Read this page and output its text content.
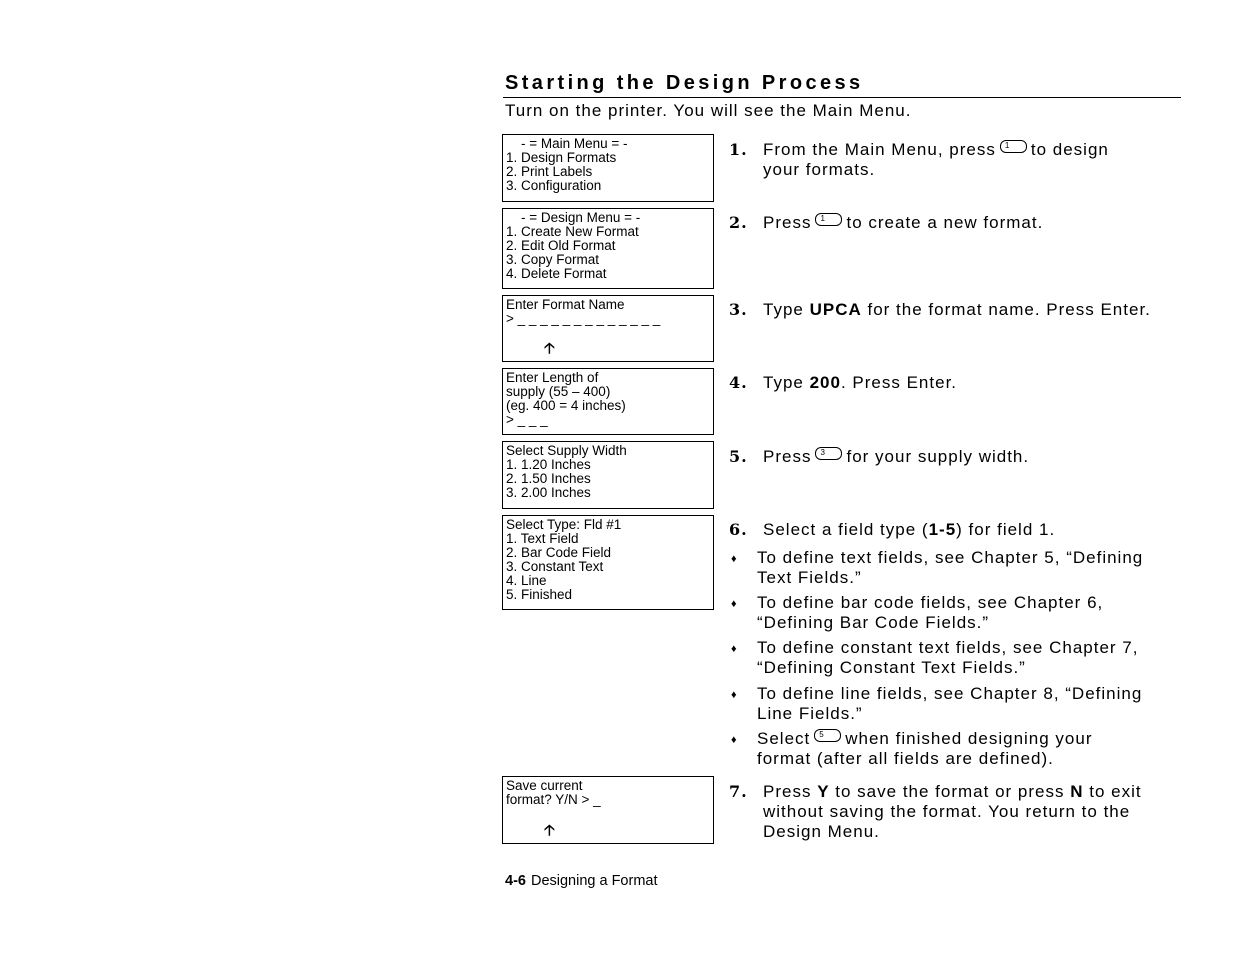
Starting the Design Process
Turn on the printer. You will see the Main Menu.
- = Main Menu = -
1. Design Formats
2. Print Labels
3. Configuration
- = Design Menu = -
1. Create New Format
2. Edit Old Format
3. Copy Format
4. Delete Format
Enter Format Name
> _ _ _ _ _ _ _ _ _ _ _ _ _
🡡
Enter Length of
supply (55 – 400)
(eg. 400 = 4 inches)
> _ _ _
Select Supply Width
1. 1.20 Inches
2. 1.50 Inches
3. 2.00 Inches
Select Type: Fld #1
1. Text Field
2. Bar Code Field
3. Constant Text
4. Line
5. Finished
Save current
format? Y/N > _
🡡
1. From the Main Menu, press 1 to design
your formats.
2. Press 1 to create a new format.
3. Type UPCA for the format name. Press Enter.
4. Type 200. Press Enter.
5. Press 3 for your supply width.
6. Select a field type (1-5) for field 1.
♦ To define text fields, see Chapter 5, “Defining
Text Fields.”
♦ To define bar code fields, see Chapter 6,
“Defining Bar Code Fields.”
♦ To define constant text fields, see Chapter 7,
“Defining Constant Text Fields.”
♦ To define line fields, see Chapter 8, “Defining
Line Fields.”
♦ Select 5 when finished designing your
format (after all fields are defined).
7. Press Y to save the format or press N to exit
without saving the format. You return to the
Design Menu.
4-6 Designing a Format
